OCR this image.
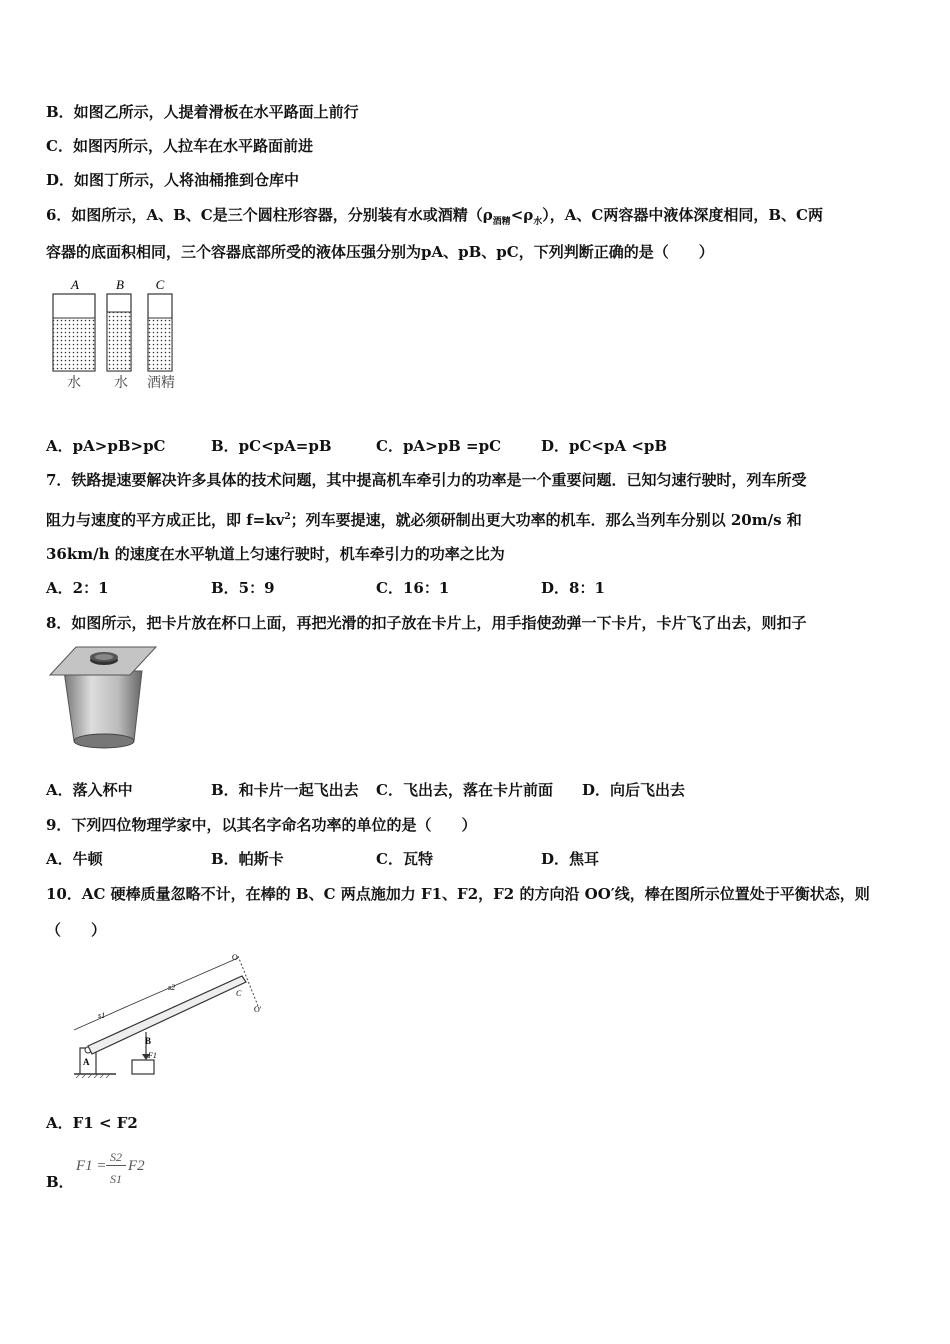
B．如图乙所示，人提着滑板在水平路面上前行
C．如图丙所示，人拉车在水平路面前进
D．如图丁所示，人将油桶推到仓库中
6．如图所示，A、B、C是三个圆柱形容器，分别装有水或酒精$(\rho_{酒精}<\rho_水)$，A、C两容器中液体深度相同，B、C两
容器的底面积相同，三个容器底部所受的液体压强分别为pA、pB、pC，下列判断正确的是（　　）
A	B C
水 水 酒精
A．pA>pB>pC	B．pC<pA=pB	C．pA>pB =pC	D．pC<pA <pB
7．铁路提速要解决许多具体的技术问题，其中提高机车牵引力的功率是一个重要问题．已知匀速行驶时，列车所受
阻力与速度的平方成正比，即 $f=kv^2$；列车要提速，就必须研制出更大功率的机车．那么当列车分别以 20m/s 和
36km/h 的速度在水平轨道上匀速行驶时，机车牵引力的功率之比为
A．2：1	B．5：9	C．16：1	D．8：1
8．如图所示，把卡片放在杯口上面，再把光滑的扣子放在卡片上，用手指使劲弹一下卡片，卡片飞了出去，则扣子
A．落入杯中	B．和卡片一起飞出去 C．飞出去，落在卡片前面 D．向后飞出去
9．下列四位物理学家中，以其名字命名功率的单位的是（　　）
A．牛顿	B．帕斯卡	C．瓦特	D．焦耳
10．AC 硬棒质量忽略不计，在棒的 B、C 两点施加力 F1、F2，F2 的方向沿 OO′线，棒在图所示位置处于平衡状态，则
（　　）
A
s1
s2
B
F1
O
O'
C
A．F1 < F2
B．
F1 =
S2
S1
F2
